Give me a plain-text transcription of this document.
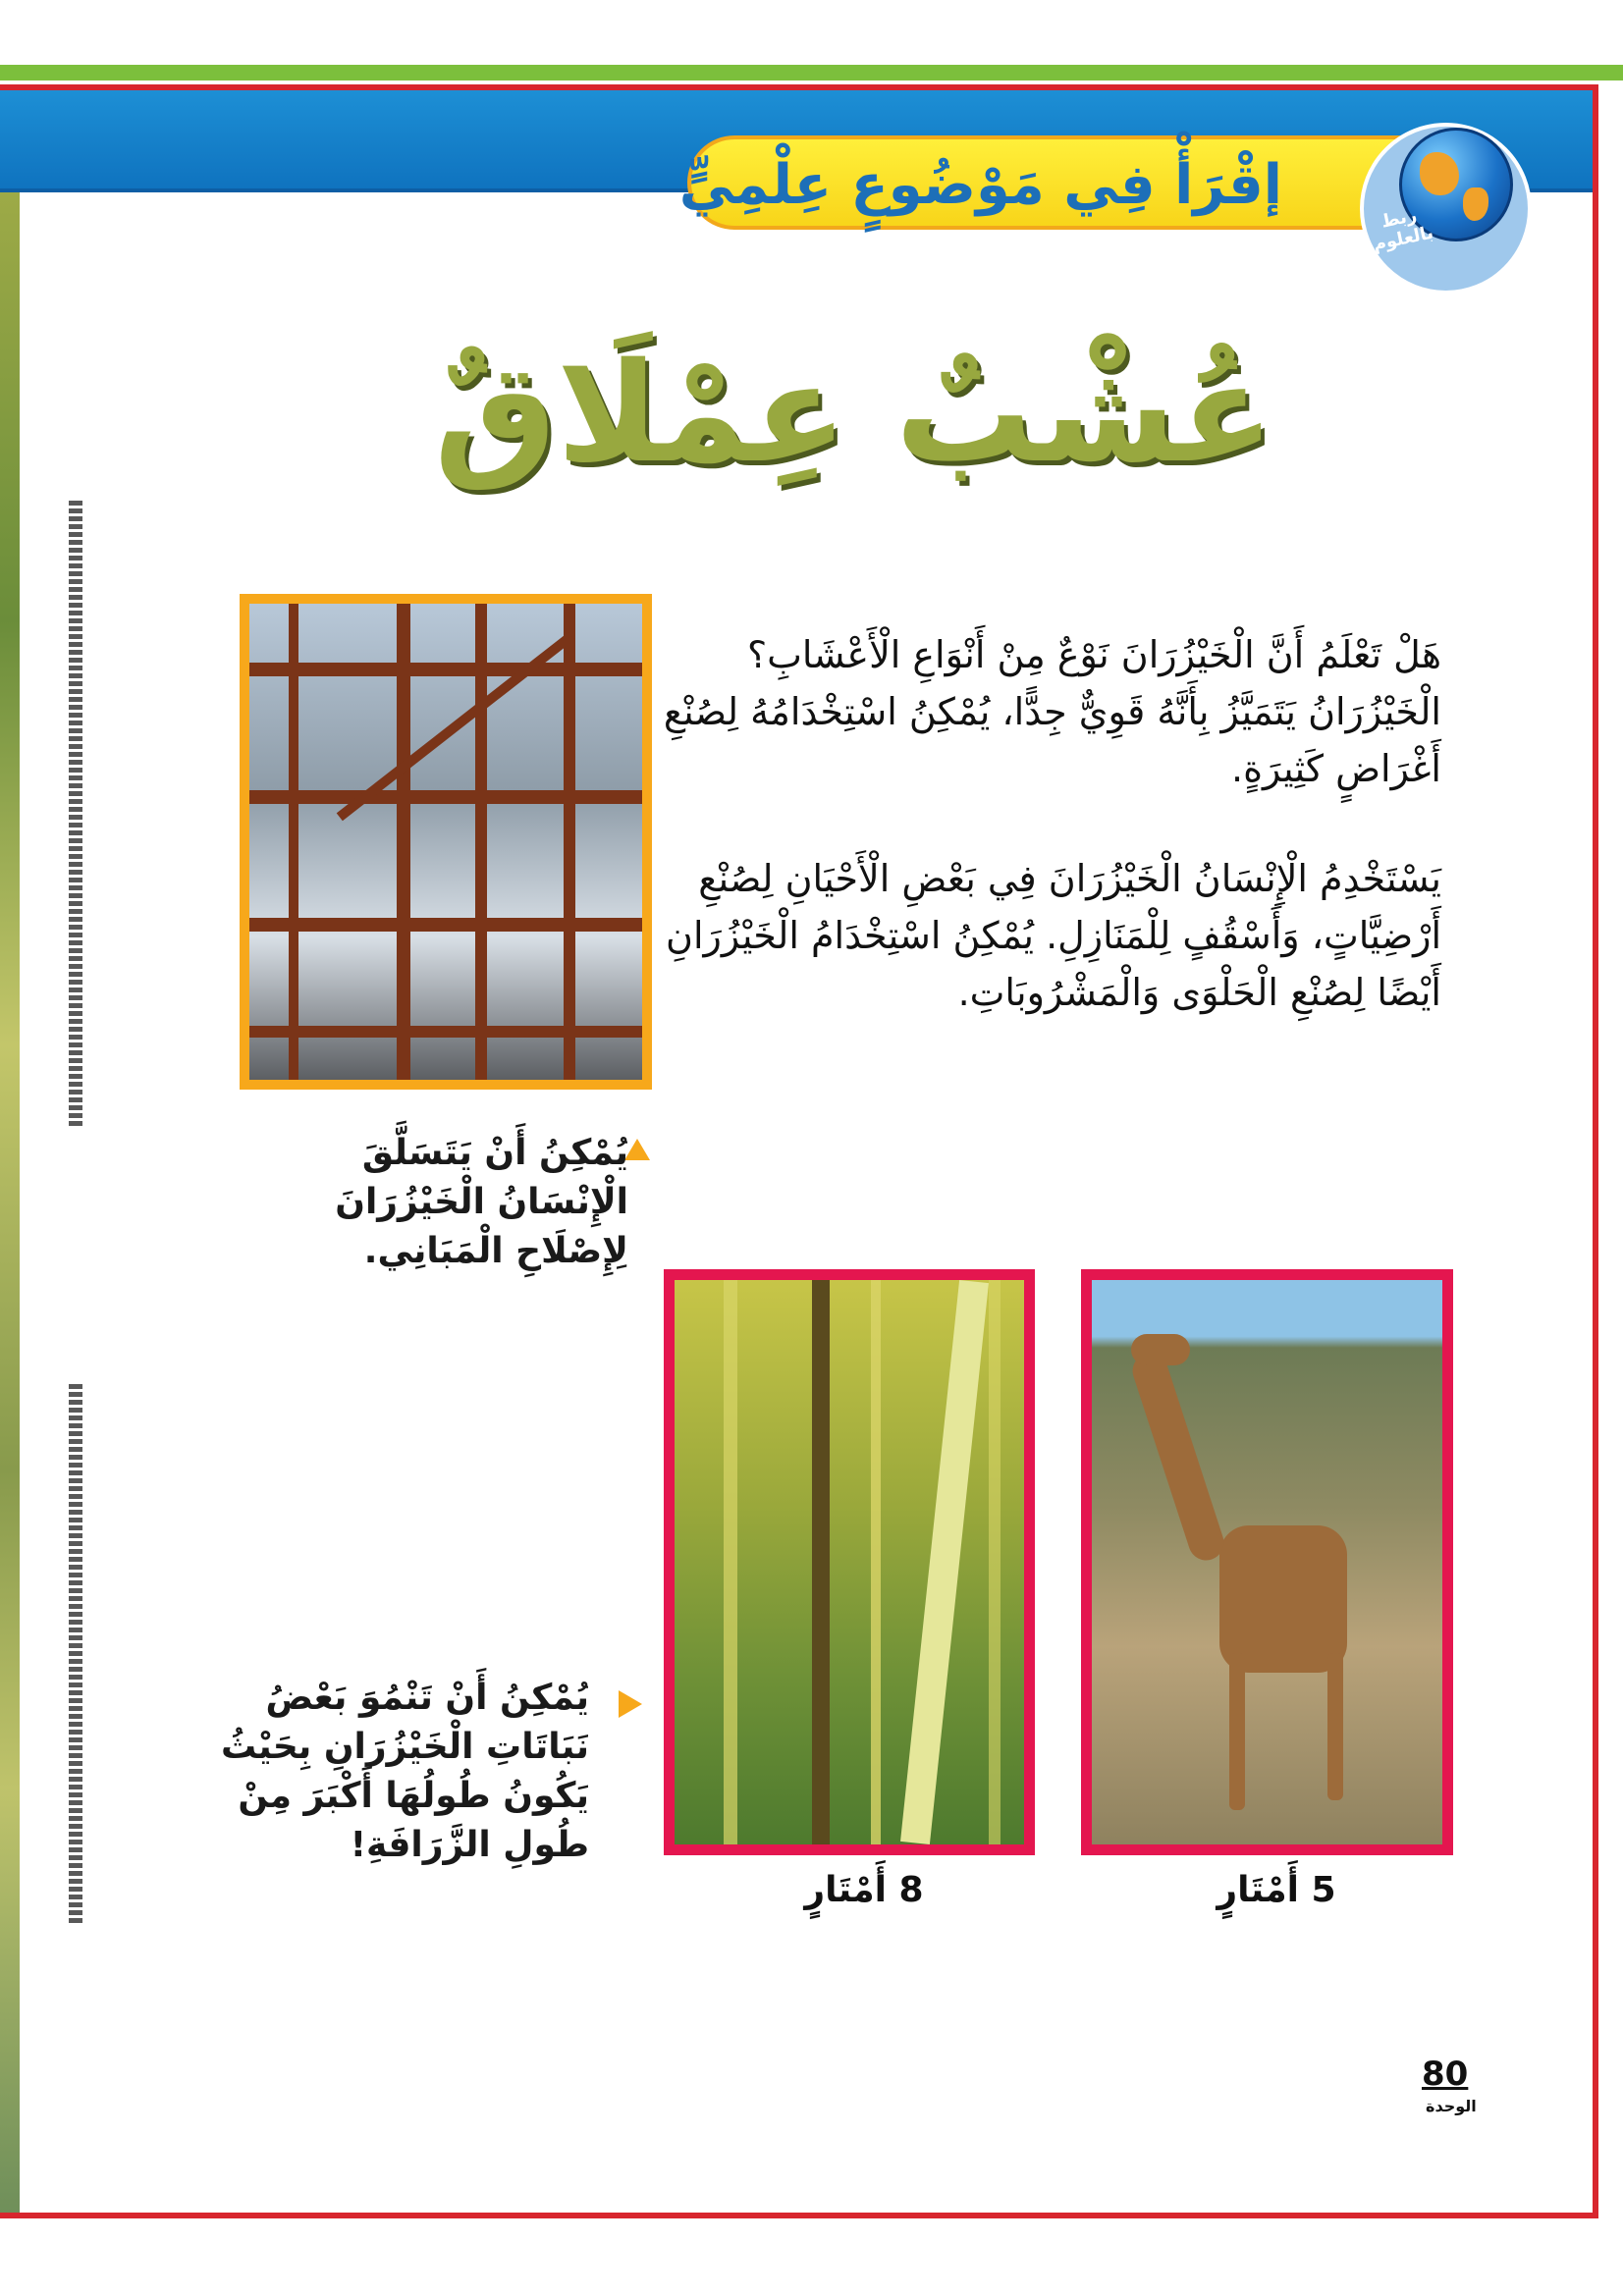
إقْرَأْ فِي مَوْضُوعٍ عِلْمِيٍّ
ربط بالعلوم
عُشْبٌ عِمْلَاقٌ
هَلْ تَعْلَمُ أَنَّ الْخَيْزُرَانَ نَوْعٌ مِنْ أَنْوَاعِ الْأَعْشَابِ؟ الْخَيْزُرَانُ يَتَمَيَّزُ بِأَنَّهُ قَوِيٌّ جِدًّا، يُمْكِنُ اسْتِخْدَامُهُ لِصُنْعِ أَغْرَاضٍ كَثِيرَةٍ.
يَسْتَخْدِمُ الْإِنْسَانُ الْخَيْزُرَانَ فِي بَعْضِ الْأَحْيَانِ لِصُنْعِ أَرْضِيَّاتٍ، وَأَسْقُفٍ لِلْمَنَازِلِ. يُمْكِنُ اسْتِخْدَامُ الْخَيْزُرَانِ أَيْضًا لِصُنْعِ الْحَلْوَى وَالْمَشْرُوبَاتِ.
يُمْكِنُ أَنْ يَتَسَلَّقَ الْإِنْسَانُ الْخَيْزُرَانَ لِإِصْلَاحِ الْمَبَانِي.
يُمْكِنُ أَنْ تَنْمُوَ بَعْضُ نَبَاتَاتِ الْخَيْزُرَانِ بِحَيْثُ يَكُونُ طُولُهَا أَكْبَرَ مِنْ طُولِ الزَّرَافَةِ!
8 أَمْتَارٍ	5 أَمْتَارٍ
80
الوحدة
